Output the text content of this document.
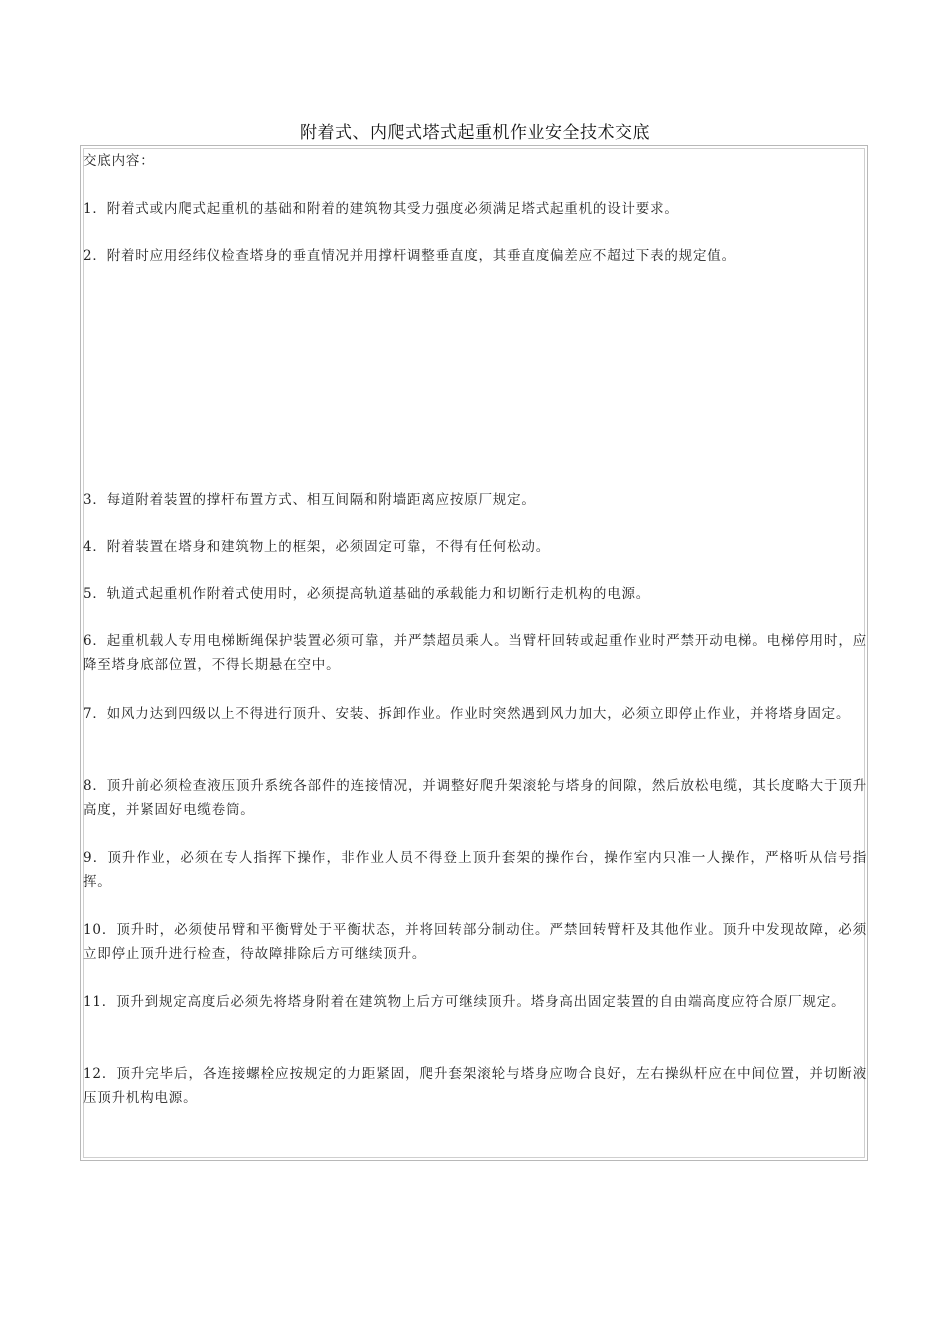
附着式、内爬式塔式起重机作业安全技术交底

交底内容：

1．附着式或内爬式起重机的基础和附着的建筑物其受力强度必须满足塔式起重机的设计要求。

2．附着时应用经纬仪检查塔身的垂直情况并用撑杆调整垂直度，其垂直度偏差应不超过下表的规定值。

3．每道附着装置的撑杆布置方式、相互间隔和附墙距离应按原厂规定。

4．附着装置在塔身和建筑物上的框架，必须固定可靠，不得有任何松动。

5．轨道式起重机作附着式使用时，必须提高轨道基础的承载能力和切断行走机构的电源。

6．起重机载人专用电梯断绳保护装置必须可靠，并严禁超员乘人。当臂杆回转或起重作业时严禁开动电梯。电梯停用时，应降至塔身底部位置，不得长期悬在空中。

7．如风力达到四级以上不得进行顶升、安装、拆卸作业。作业时突然遇到风力加大，必须立即停止作业，并将塔身固定。

8．顶升前必须检查液压顶升系统各部件的连接情况，并调整好爬升架滚轮与塔身的间隙，然后放松电缆，其长度略大于顶升高度，并紧固好电缆卷筒。

9．顶升作业，必须在专人指挥下操作，非作业人员不得登上顶升套架的操作台，操作室内只准一人操作，严格听从信号指挥。

10．顶升时，必须使吊臂和平衡臂处于平衡状态，并将回转部分制动住。严禁回转臂杆及其他作业。顶升中发现故障，必须立即停止顶升进行检查，待故障排除后方可继续顶升。

11．顶升到规定高度后必须先将塔身附着在建筑物上后方可继续顶升。塔身高出固定装置的自由端高度应符合原厂规定。

12．顶升完毕后，各连接螺栓应按规定的力距紧固，爬升套架滚轮与塔身应吻合良好，左右操纵杆应在中间位置，并切断液压顶升机构电源。
